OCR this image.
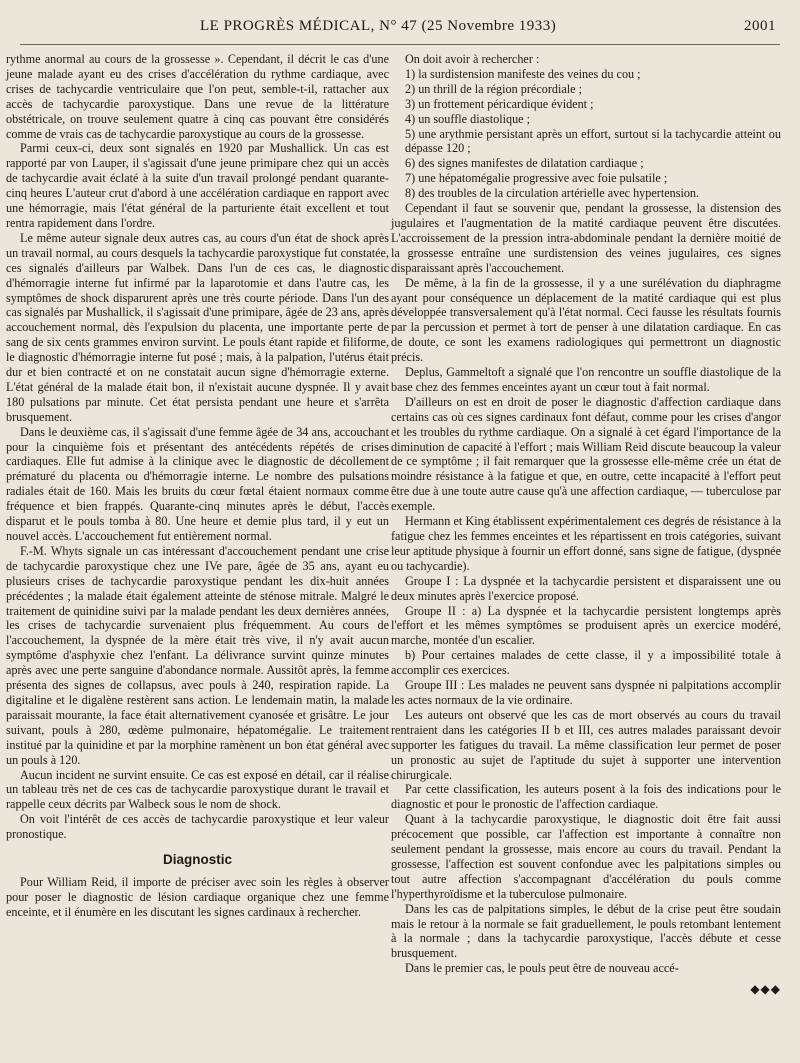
LE PROGRÈS MÉDICAL, N° 47 (25 Novembre 1933)	2001

rythme anormal au cours de la grossesse ». Cependant, il décrit le cas d'une jeune malade ayant eu des crises d'accélération du rythme cardiaque, avec crises de tachycardie ventriculaire que l'on peut, semble-t-il, rattacher aux accès de tachycardie paroxystique. Dans une revue de la littérature obstétricale, on trouve seulement quatre à cinq cas pouvant être considérés comme de vrais cas de tachycardie paroxystique au cours de la grossesse.

Parmi ceux-ci, deux sont signalés en 1920 par Mushallick. Un cas est rapporté par von Lauper, il s'agissait d'une jeune primipare chez qui un accès de tachycardie avait éclaté à la suite d'un travail prolongé pendant quarante-cinq heures L'auteur crut d'abord à une accélération cardiaque en rapport avec une hémorragie, mais l'état général de la parturiente était excellent et tout rentra rapidement dans l'ordre.

Le même auteur signale deux autres cas, au cours d'un état de shock après un travail normal, au cours desquels la tachycardie paroxystique fut constatée, ces signalés d'ailleurs par Walbek. Dans l'un de ces cas, le diagnostic d'hémorragie interne fut infirmé par la laparotomie et dans l'autre cas, les symptômes de shock disparurent après une très courte période. Dans l'un des cas signalés par Mushallick, il s'agissait d'une primipare, âgée de 23 ans, après accouchement normal, dès l'expulsion du placenta, une importante perte de sang de six cents grammes environ survint. Le pouls étant rapide et filiforme, le diagnostic d'hémorragie interne fut posé ; mais, à la palpation, l'utérus était dur et bien contracté et on ne constatait aucun signe d'hémorragie externe. L'état général de la malade était bon, il n'existait aucune dyspnée. Il y avait 180 pulsations par minute. Cet état persista pendant une heure et s'arrêta brusquement.

Dans le deuxième cas, il s'agissait d'une femme âgée de 34 ans, accouchant pour la cinquième fois et présentant des antécédents répétés de crises cardiaques. Elle fut admise à la clinique avec le diagnostic de décollement prématuré du placenta ou d'hémorragie interne. Le nombre des pulsations radiales était de 160. Mais les bruits du cœur fœtal étaient normaux comme fréquence et bien frappés. Quarante-cinq minutes après le début, l'accès disparut et le pouls tomba à 80. Une heure et demie plus tard, il y eut un nouvel accès. L'accouchement fut entièrement normal.

F.-M. Whyts signale un cas intéressant d'accouchement pendant une crise de tachycardie paroxystique chez une IVe pare, âgée de 35 ans, ayant eu plusieurs crises de tachycardie paroxystique pendant les dix-huit années précédentes ; la malade était également atteinte de sténose mitrale. Malgré le traitement de quinidine suivi par la malade pendant les deux dernières années, les crises de tachycardie survenaient plus fréquemment. Au cours de l'accouchement, la dyspnée de la mère était très vive, il n'y avait aucun symptôme d'asphyxie chez l'enfant. La délivrance survint quinze minutes après avec une perte sanguine d'abondance normale. Aussitôt après, la femme présenta des signes de collapsus, avec pouls à 240, respiration rapide. La digitaline et le digalène restèrent sans action. Le lendemain matin, la malade paraissait mourante, la face était alternativement cyanosée et grisâtre. Le jour suivant, pouls à 280, œdème pulmonaire, hépatomégalie. Le traitement institué par la quinidine et par la morphine ramènent un bon état général avec un pouls à 120.

Aucun incident ne survint ensuite. Ce cas est exposé en détail, car il réalise un tableau très net de ces cas de tachycardie paroxystique durant le travail et rappelle ceux décrits par Walbeck sous le nom de shock.

On voit l'intérêt de ces accès de tachycardie paroxystique et leur valeur pronostique.

Diagnostic

Pour William Reid, il importe de préciser avec soin les règles à observer pour poser le diagnostic de lésion cardiaque organique chez une femme enceinte, et il énumère en les discutant les signes cardinaux à rechercher.

On doit avoir à rechercher :

1) la surdistension manifeste des veines du cou ;

2) un thrill de la région précordiale ;

3) un frottement péricardique évident ;

4) un souffle diastolique ;

5) une arythmie persistant après un effort, surtout si la tachycardie atteint ou dépasse 120 ;

6) des signes manifestes de dilatation cardiaque ;

7) une hépatomégalie progressive avec foie pulsatile ;

8) des troubles de la circulation artérielle avec hypertension.

Cependant il faut se souvenir que, pendant la grossesse, la distension des jugulaires et l'augmentation de la matité cardiaque peuvent être discutées. L'accroissement de la pression intra-abdominale pendant la dernière moitié de la grossesse entraîne une surdistension des veines jugulaires, ces signes disparaissant après l'accouchement.

De même, à la fin de la grossesse, il y a une surélévation du diaphragme ayant pour conséquence un déplacement de la matité cardiaque qui est plus développée transversalement qu'à l'état normal. Ceci fausse les résultats fournis par la percussion et permet à tort de penser à une dilatation cardiaque. En cas de doute, ce sont les examens radiologiques qui permettront un diagnostic précis.

Deplus, Gammeltoft a signalé que l'on rencontre un souffle diastolique de la base chez des femmes enceintes ayant un cœur tout à fait normal.

D'ailleurs on est en droit de poser le diagnostic d'affection cardiaque dans certains cas où ces signes cardinaux font défaut, comme pour les crises d'angor et les troubles du rythme cardiaque. On a signalé à cet égard l'importance de la diminution de capacité à l'effort ; mais William Reid discute beaucoup la valeur de ce symptôme ; il fait remarquer que la grossesse elle-même crée un état de moindre résistance à la fatigue et que, en outre, cette incapacité à l'effort peut être due à une toute autre cause qu'à une affection cardiaque, — tuberculose par exemple.

Hermann et King établissent expérimentalement ces degrés de résistance à la fatigue chez les femmes enceintes et les répartissent en trois catégories, suivant leur aptitude physique à fournir un effort donné, sans signe de fatigue, (dyspnée ou tachycardie).

Groupe I : La dyspnée et la tachycardie persistent et disparaissent une ou deux minutes après l'exercice proposé.

Groupe II : a) La dyspnée et la tachycardie persistent longtemps après l'effort et les mêmes symptômes se produisent après un exercice modéré, marche, montée d'un escalier.

b) Pour certaines malades de cette classe, il y a impossibilité totale à accomplir ces exercices.

Groupe III : Les malades ne peuvent sans dyspnée ni palpitations accomplir les actes normaux de la vie ordinaire.

Les auteurs ont observé que les cas de mort observés au cours du travail rentraient dans les catégories II b et III, ces autres malades paraissant devoir supporter les fatigues du travail. La même classification leur permet de poser un pronostic au sujet de l'aptitude du sujet à supporter une intervention chirurgicale.

Par cette classification, les auteurs posent à la fois des indications pour le diagnostic et pour le pronostic de l'affection cardiaque.

Quant à la tachycardie paroxystique, le diagnostic doit être fait aussi précocement que possible, car l'affection est importante à connaître non seulement pendant la grossesse, mais encore au cours du travail. Pendant la grossesse, l'affection est souvent confondue avec les palpitations simples ou tout autre affection s'accompagnant d'accélération du pouls comme l'hyperthyroïdisme et la tuberculose pulmonaire.

Dans les cas de palpitations simples, le début de la crise peut être soudain mais le retour à la normale se fait graduellement, le pouls retombant lentement à la normale ; dans la tachycardie paroxystique, l'accès débute et cesse brusquement.

Dans le premier cas, le pouls peut être de nouveau accé-

◆◆◆
